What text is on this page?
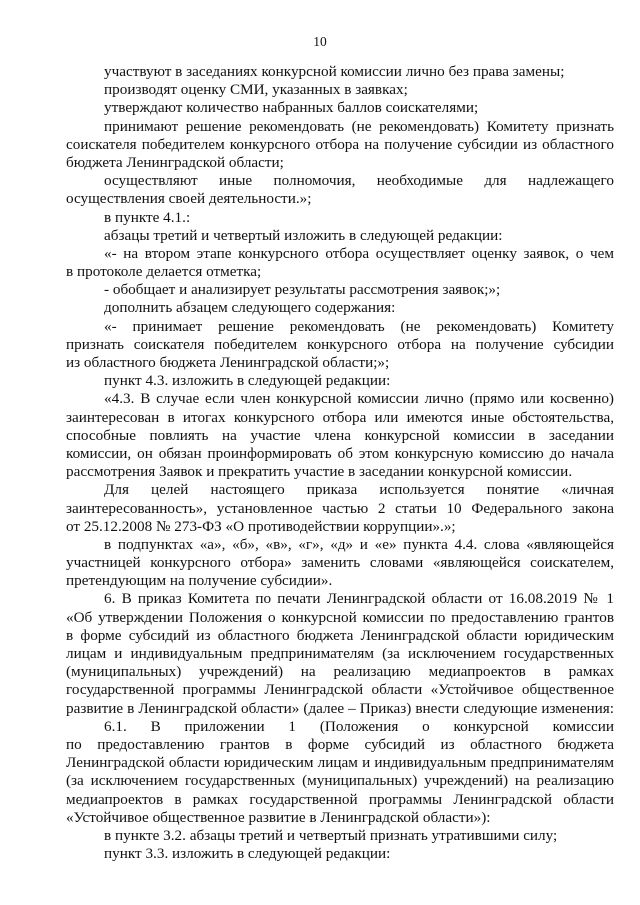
10
участвуют в заседаниях конкурсной комиссии лично без права замены;
производят оценку СМИ, указанных в заявках;
утверждают количество набранных баллов соискателями;
принимают решение рекомендовать (не рекомендовать) Комитету признать
соискателя победителем конкурсного отбора на получение субсидии из областного
бюджета Ленинградской области;
осуществляют иные полномочия, необходимые для надлежащего
осуществления своей деятельности.»;
в пункте 4.1.:
абзацы третий и четвертый изложить в следующей редакции:
«- на втором этапе конкурсного отбора осуществляет оценку заявок, о чем
в протоколе делается отметка;
- обобщает и анализирует результаты рассмотрения заявок;»;
дополнить абзацем следующего содержания:
«- принимает решение рекомендовать (не рекомендовать) Комитету
признать соискателя победителем конкурсного отбора на получение субсидии
из областного бюджета Ленинградской области;»;
пункт 4.3. изложить в следующей редакции:
«4.3. В случае если член конкурсной комиссии лично (прямо или косвенно)
заинтересован в итогах конкурсного отбора или имеются иные обстоятельства,
способные повлиять на участие члена конкурсной комиссии в заседании
комиссии, он обязан проинформировать об этом конкурсную комиссию до начала
рассмотрения Заявок и прекратить участие в заседании конкурсной комиссии.
Для целей настоящего приказа используется понятие «личная
заинтересованность», установленное частью 2 статьи 10 Федерального закона
от 25.12.2008 № 273-ФЗ «О противодействии коррупции».»;
в подпунктах «а», «б», «в», «г», «д» и «е» пункта 4.4. слова «являющейся
участницей конкурсного отбора» заменить словами «являющейся соискателем,
претендующим на получение субсидии».
6. В приказ Комитета по печати Ленинградской области от 16.08.2019 № 1
«Об утверждении Положения о конкурсной комиссии по предоставлению грантов
в форме субсидий из областного бюджета Ленинградской области юридическим
лицам и индивидуальным предпринимателям (за исключением государственных
(муниципальных) учреждений) на реализацию медиапроектов в рамках
государственной программы Ленинградской области «Устойчивое общественное
развитие в Ленинградской области» (далее – Приказ) внести следующие изменения:
6.1. В приложении 1 (Положения о конкурсной комиссии
по предоставлению грантов в форме субсидий из областного бюджета
Ленинградской области юридическим лицам и индивидуальным предпринимателям
(за исключением государственных (муниципальных) учреждений) на реализацию
медиапроектов в рамках государственной программы Ленинградской области
«Устойчивое общественное развитие в Ленинградской области»):
в пункте 3.2. абзацы третий и четвертый признать утратившими силу;
пункт 3.3. изложить в следующей редакции:
